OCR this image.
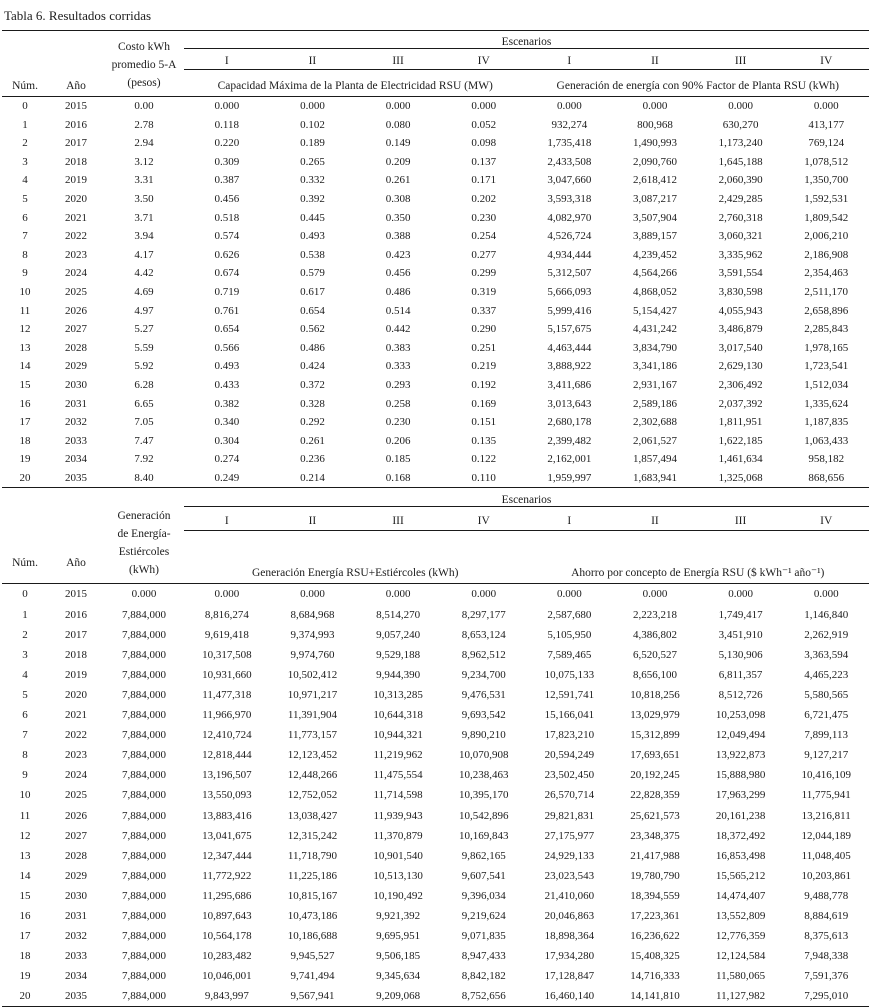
Tabla 6. Resultados corridas
Núm.	Año	Costo kWh
promedio 5-A
(pesos)	Escenarios							
			I	II	III	IV	I	II	III	IV
			Capacidad Máxima de la Planta de Electricidad RSU (MW)				Generación de energía con 90% Factor de Planta RSU (kWh)			
0	2015	0.00	0.000	0.000	0.000	0.000	0.000	0.000	0.000	0.000
1	2016	2.78	0.118	0.102	0.080	0.052	932,274	800,968	630,270	413,177
2	2017	2.94	0.220	0.189	0.149	0.098	1,735,418	1,490,993	1,173,240	769,124
3	2018	3.12	0.309	0.265	0.209	0.137	2,433,508	2,090,760	1,645,188	1,078,512
4	2019	3.31	0.387	0.332	0.261	0.171	3,047,660	2,618,412	2,060,390	1,350,700
5	2020	3.50	0.456	0.392	0.308	0.202	3,593,318	3,087,217	2,429,285	1,592,531
6	2021	3.71	0.518	0.445	0.350	0.230	4,082,970	3,507,904	2,760,318	1,809,542
7	2022	3.94	0.574	0.493	0.388	0.254	4,526,724	3,889,157	3,060,321	2,006,210
8	2023	4.17	0.626	0.538	0.423	0.277	4,934,444	4,239,452	3,335,962	2,186,908
9	2024	4.42	0.674	0.579	0.456	0.299	5,312,507	4,564,266	3,591,554	2,354,463
10	2025	4.69	0.719	0.617	0.486	0.319	5,666,093	4,868,052	3,830,598	2,511,170
11	2026	4.97	0.761	0.654	0.514	0.337	5,999,416	5,154,427	4,055,943	2,658,896
12	2027	5.27	0.654	0.562	0.442	0.290	5,157,675	4,431,242	3,486,879	2,285,843
13	2028	5.59	0.566	0.486	0.383	0.251	4,463,444	3,834,790	3,017,540	1,978,165
14	2029	5.92	0.493	0.424	0.333	0.219	3,888,922	3,341,186	2,629,130	1,723,541
15	2030	6.28	0.433	0.372	0.293	0.192	3,411,686	2,931,167	2,306,492	1,512,034
16	2031	6.65	0.382	0.328	0.258	0.169	3,013,643	2,589,186	2,037,392	1,335,624
17	2032	7.05	0.340	0.292	0.230	0.151	2,680,178	2,302,688	1,811,951	1,187,835
18	2033	7.47	0.304	0.261	0.206	0.135	2,399,482	2,061,527	1,622,185	1,063,433
19	2034	7.92	0.274	0.236	0.185	0.122	2,162,001	1,857,494	1,461,634	958,182
20	2035	8.40	0.249	0.214	0.168	0.110	1,959,997	1,683,941	1,325,068	868,656
Núm.	Año	Generación
de Energía-
Estiércoles
(kWh)	Escenarios							
			I	II	III	IV	I	II	III	IV
			Generación Energía RSU+Estiércoles (kWh)				Ahorro por concepto de Energía RSU ($ kWh⁻¹ año⁻¹)			
0	2015	0.000	0.000	0.000	0.000	0.000	0.000	0.000	0.000	0.000
1	2016	7,884,000	8,816,274	8,684,968	8,514,270	8,297,177	2,587,680	2,223,218	1,749,417	1,146,840
2	2017	7,884,000	9,619,418	9,374,993	9,057,240	8,653,124	5,105,950	4,386,802	3,451,910	2,262,919
3	2018	7,884,000	10,317,508	9,974,760	9,529,188	8,962,512	7,589,465	6,520,527	5,130,906	3,363,594
4	2019	7,884,000	10,931,660	10,502,412	9,944,390	9,234,700	10,075,133	8,656,100	6,811,357	4,465,223
5	2020	7,884,000	11,477,318	10,971,217	10,313,285	9,476,531	12,591,741	10,818,256	8,512,726	5,580,565
6	2021	7,884,000	11,966,970	11,391,904	10,644,318	9,693,542	15,166,041	13,029,979	10,253,098	6,721,475
7	2022	7,884,000	12,410,724	11,773,157	10,944,321	9,890,210	17,823,210	15,312,899	12,049,494	7,899,113
8	2023	7,884,000	12,818,444	12,123,452	11,219,962	10,070,908	20,594,249	17,693,651	13,922,873	9,127,217
9	2024	7,884,000	13,196,507	12,448,266	11,475,554	10,238,463	23,502,450	20,192,245	15,888,980	10,416,109
10	2025	7,884,000	13,550,093	12,752,052	11,714,598	10,395,170	26,570,714	22,828,359	17,963,299	11,775,941
11	2026	7,884,000	13,883,416	13,038,427	11,939,943	10,542,896	29,821,831	25,621,573	20,161,238	13,216,811
12	2027	7,884,000	13,041,675	12,315,242	11,370,879	10,169,843	27,175,977	23,348,375	18,372,492	12,044,189
13	2028	7,884,000	12,347,444	11,718,790	10,901,540	9,862,165	24,929,133	21,417,988	16,853,498	11,048,405
14	2029	7,884,000	11,772,922	11,225,186	10,513,130	9,607,541	23,023,543	19,780,790	15,565,212	10,203,861
15	2030	7,884,000	11,295,686	10,815,167	10,190,492	9,396,034	21,410,060	18,394,559	14,474,407	9,488,778
16	2031	7,884,000	10,897,643	10,473,186	9,921,392	9,219,624	20,046,863	17,223,361	13,552,809	8,884,619
17	2032	7,884,000	10,564,178	10,186,688	9,695,951	9,071,835	18,898,364	16,236,622	12,776,359	8,375,613
18	2033	7,884,000	10,283,482	9,945,527	9,506,185	8,947,433	17,934,280	15,408,325	12,124,584	7,948,338
19	2034	7,884,000	10,046,001	9,741,494	9,345,634	8,842,182	17,128,847	14,716,333	11,580,065	7,591,376
20	2035	7,884,000	9,843,997	9,567,941	9,209,068	8,752,656	16,460,140	14,141,810	11,127,982	7,295,010
